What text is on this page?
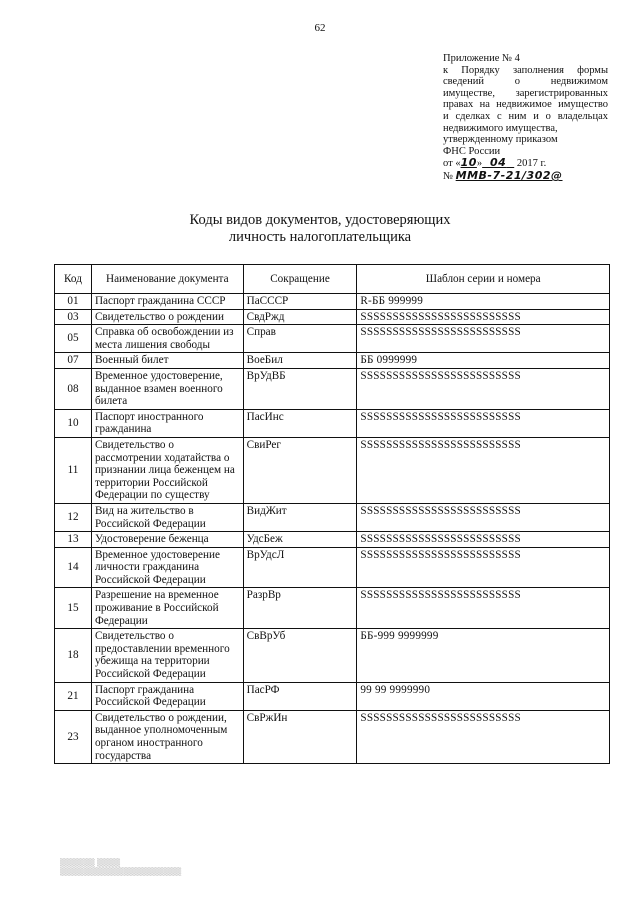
62
Приложение № 4
к Порядку заполнения формы
сведений о недвижимом
имуществе, зарегистрированных
правах на недвижимое имущество
и сделках с ним и о владельцах
недвижимого имущества,
утвержденному приказом
ФНС России
от «10» 04 2017 г.
№ ММВ-7-21/302@
Коды видов документов, удостоверяющих
личность налогоплательщика
Код	Наименование документа	Сокращение	Шаблон серии и номера
01	Паспорт гражданина СССР	ПаСССР	R-ББ 999999
03	Свидетельство о рождении	СвдРжд	SSSSSSSSSSSSSSSSSSSSSSSSS
05	Справка об освобождении из места лишения свободы	Справ	SSSSSSSSSSSSSSSSSSSSSSSSS
07	Военный билет	ВоеБил	ББ 0999999
08	Временное удостоверение, выданное взамен военного билета	ВрУдВБ	SSSSSSSSSSSSSSSSSSSSSSSSS
10	Паспорт иностранного гражданина	ПасИнс	SSSSSSSSSSSSSSSSSSSSSSSSS
11	Свидетельство о рассмотрении ходатайства о признании лица беженцем на территории Российской Федерации по существу	СвиРег	SSSSSSSSSSSSSSSSSSSSSSSSS
12	Вид на жительство в Российской Федерации	ВидЖит	SSSSSSSSSSSSSSSSSSSSSSSSS
13	Удостоверение беженца	УдсБеж	SSSSSSSSSSSSSSSSSSSSSSSSS
14	Временное удостоверение личности гражданина Российской Федерации	ВрУдсЛ	SSSSSSSSSSSSSSSSSSSSSSSSS
15	Разрешение на временное проживание в Российской Федерации	РазрВр	SSSSSSSSSSSSSSSSSSSSSSSSS
18	Свидетельство о предоставлении временного убежища на территории Российской Федерации	СвВрУб	ББ-999 9999999
21	Паспорт гражданина Российской Федерации	ПасРФ	99 99 9999990
23	Свидетельство о рождении, выданное уполномоченным органом иностранного государства	СвРжИн	SSSSSSSSSSSSSSSSSSSSSSSSS
▒▒▒▒▒▒ ▒▒▒▒
▒▒▒▒▒▒▒▒▒▒▒▒▒▒▒▒▒▒▒▒▒
